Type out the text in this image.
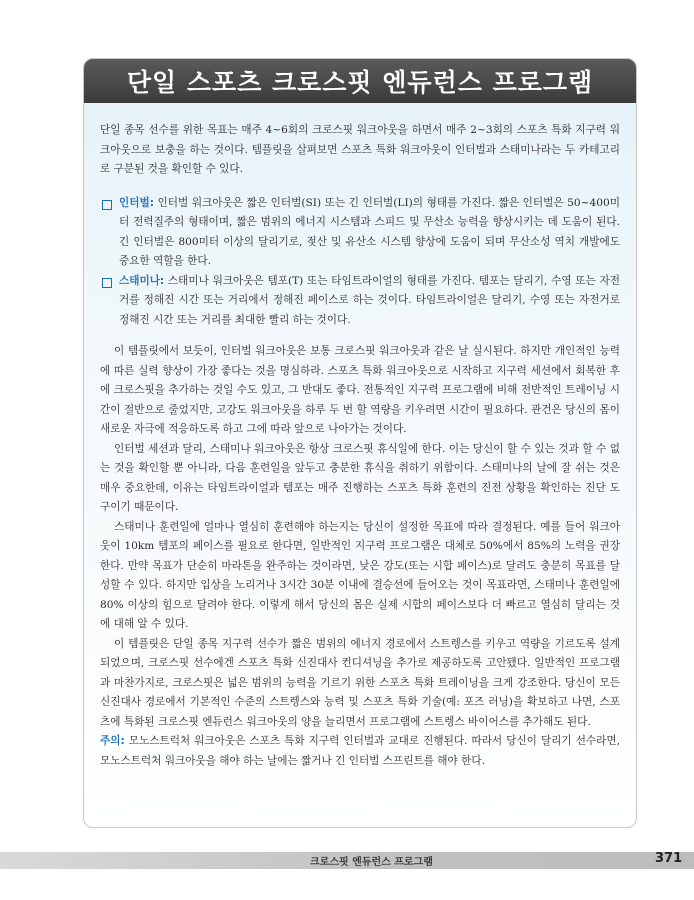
단일 스포츠 크로스핏 엔듀런스 프로그램

단일 종목 선수를 위한 목표는 매주 4~6회의 크로스핏 워크아웃을 하면서 매주 2~3회의 스포츠 특화 지구력 워크아웃으로 보충을 하는 것이다. 템플릿을 살펴보면 스포츠 특화 워크아웃이 인터벌과 스태미나라는 두 카테고리로 구분된 것을 확인할 수 있다.

인터벌: 인터벌 워크아웃은 짧은 인터벌(SI) 또는 긴 인터벌(LI)의 형태를 가진다. 짧은 인터벌은 50~400미터 전력질주의 형태이며, 짧은 범위의 에너지 시스템과 스피드 및 무산소 능력을 향상시키는 데 도움이 된다. 긴 인터벌은 800미터 이상의 달리기로, 젖산 및 유산소 시스템 향상에 도움이 되며 무산소성 역치 개발에도 중요한 역할을 한다.
스태미나: 스태미나 워크아웃은 템포(T) 또는 타임트라이얼의 형태를 가진다. 템포는 달리기, 수영 또는 자전거를 정해진 시간 또는 거리에서 정해진 페이스로 하는 것이다. 타임트라이얼은 달리기, 수영 또는 자전거로 정해진 시간 또는 거리를 최대한 빨리 하는 것이다.

이 템플릿에서 보듯이, 인터벌 워크아웃은 보통 크로스핏 워크아웃과 같은 날 실시된다. 하지만 개인적인 능력에 따른 실력 향상이 가장 좋다는 것을 명심하라. 스포츠 특화 워크아웃으로 시작하고 지구력 세션에서 회복한 후에 크로스핏을 추가하는 것일 수도 있고, 그 반대도 좋다. 전통적인 지구력 프로그램에 비해 전반적인 트레이닝 시간이 절반으로 줄었지만, 고강도 워크아웃을 하루 두 번 할 역량을 키우려면 시간이 필요하다. 관건은 당신의 몸이 새로운 자극에 적응하도록 하고 그에 따라 앞으로 나아가는 것이다.

인터벌 세션과 달리, 스태미나 워크아웃은 항상 크로스핏 휴식일에 한다. 이는 당신이 할 수 있는 것과 할 수 없는 것을 확인할 뿐 아니라, 다음 훈련일을 앞두고 충분한 휴식을 취하기 위함이다. 스태미나의 날에 잘 쉬는 것은 매우 중요한데, 이유는 타임트라이얼과 템포는 매주 진행하는 스포츠 특화 훈련의 진전 상황을 확인하는 진단 도구이기 때문이다.

스태미나 훈련일에 얼마나 열심히 훈련해야 하는지는 당신이 설정한 목표에 따라 결정된다. 예를 들어 워크아웃이 10km 템포의 페이스를 필요로 한다면, 일반적인 지구력 프로그램은 대체로 50%에서 85%의 노력을 권장한다. 만약 목표가 단순히 마라톤을 완주하는 것이라면, 낮은 강도(또는 시합 페이스)로 달려도 충분히 목표를 달성할 수 있다. 하지만 입상을 노리거나 3시간 30분 이내에 결승선에 들어오는 것이 목표라면, 스태미나 훈련일에 80% 이상의 힘으로 달려야 한다. 이렇게 해서 당신의 몸은 실제 시합의 페이스보다 더 빠르고 열심히 달리는 것에 대해 알 수 있다.

이 템플릿은 단일 종목 지구력 선수가 짧은 범위의 에너지 경로에서 스트렝스를 키우고 역량을 기르도록 설계되었으며, 크로스핏 선수에겐 스포츠 특화 신진대사 컨디셔닝을 추가로 제공하도록 고안됐다. 일반적인 프로그램과 마찬가지로, 크로스핏은 넓은 범위의 능력을 기르기 위한 스포츠 특화 트레이닝을 크게 강조한다. 당신이 모든 신진대사 경로에서 기본적인 수준의 스트렝스와 능력 및 스포츠 특화 기술(예: 포즈 러닝)을 확보하고 나면, 스포츠에 특화된 크로스핏 엔듀런스 워크아웃의 양을 늘리면서 프로그램에 스트렝스 바이어스를 추가해도 된다.

주의: 모노스트럭처 워크아웃은 스포츠 특화 지구력 인터벌과 교대로 진행된다. 따라서 당신이 달리기 선수라면, 모노스트럭처 워크아웃을 해야 하는 날에는 짧거나 긴 인터벌 스프린트를 해야 한다.

크로스핏 엔듀런스 프로그램	371
